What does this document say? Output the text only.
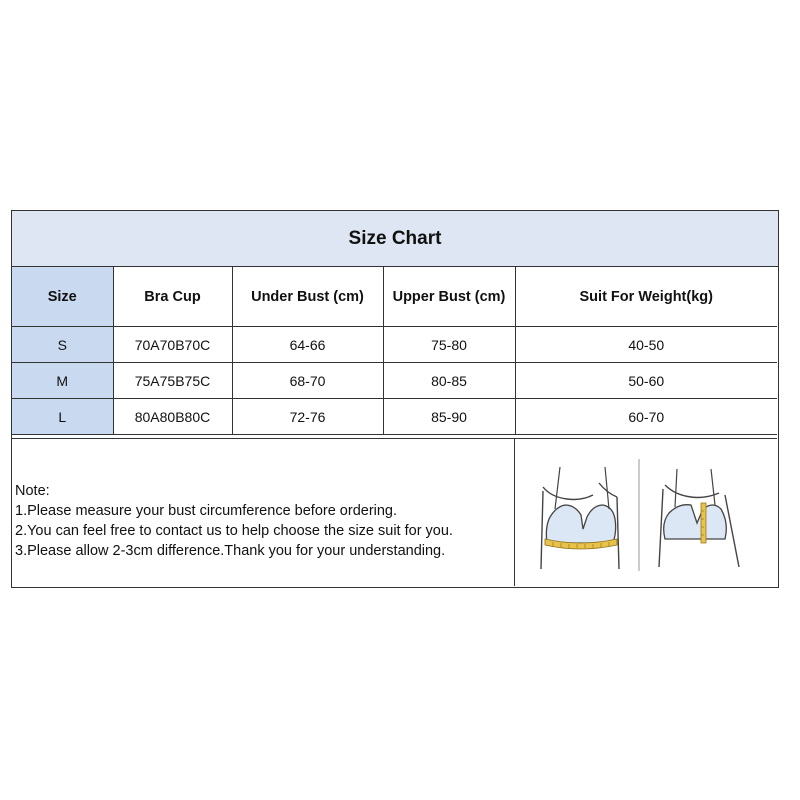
Size Chart
Size	Bra Cup	Under Bust (cm)	Upper Bust (cm)	Suit For Weight(kg)
S	70A70B70C	64-66	75-80	40-50
M	75A75B75C	68-70	80-85	50-60
L	80A80B80C	72-76	85-90	60-70
Note:
1.Please measure your bust circumference before ordering.
2.You can feel free to contact us to help choose the size suit for you.
3.Please allow 2-3cm difference.Thank you for your understanding.
